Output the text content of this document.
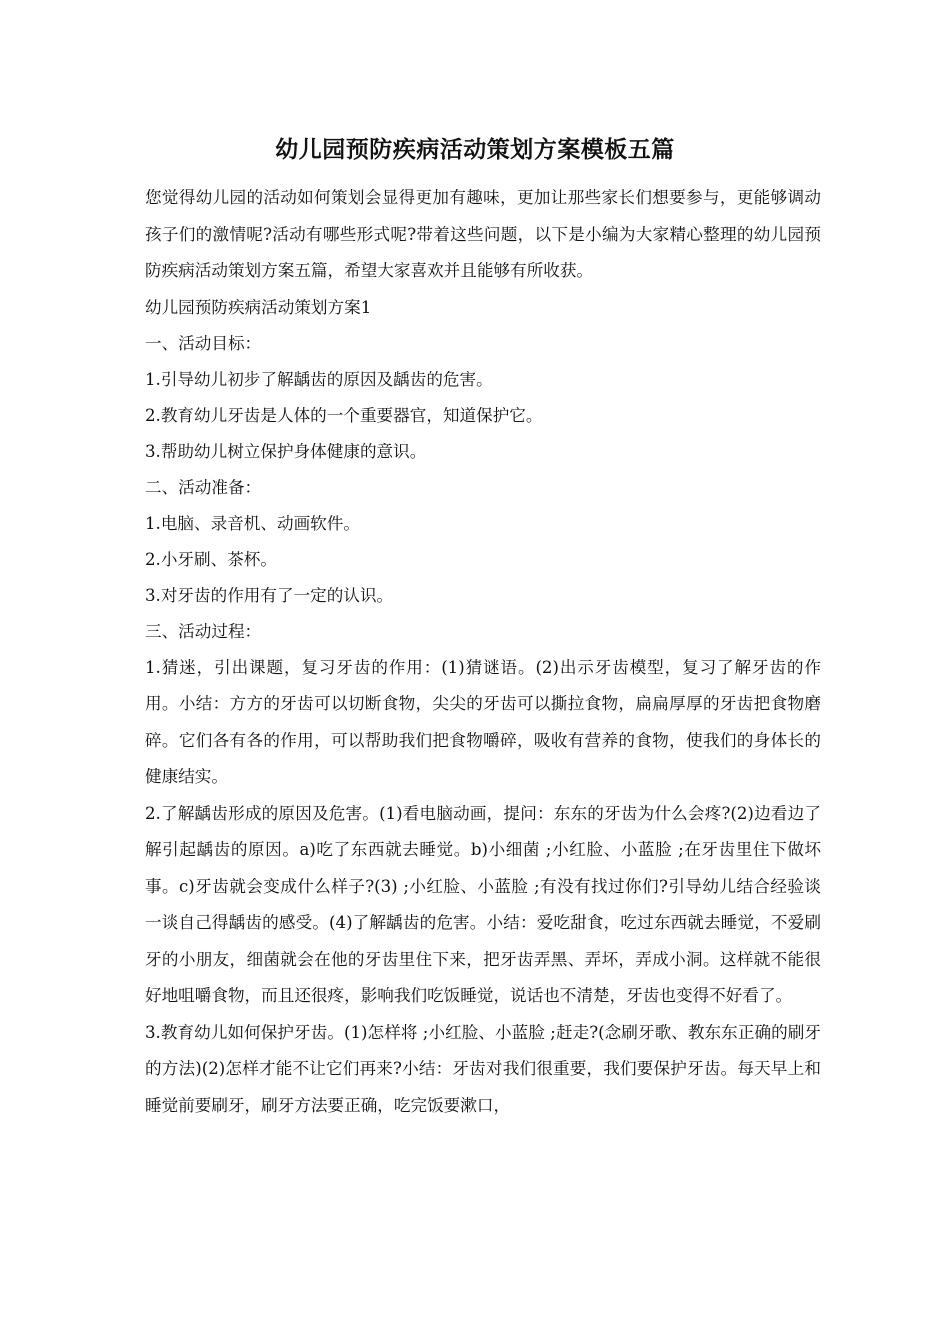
幼儿园预防疾病活动策划方案模板五篇

您觉得幼儿园的活动如何策划会显得更加有趣味，更加让那些家长们想要参与，更能够调动孩子们的激情呢?活动有哪些形式呢?带着这些问题，以下是小编为大家精心整理的幼儿园预防疾病活动策划方案五篇，希望大家喜欢并且能够有所收获。

幼儿园预防疾病活动策划方案1

一、活动目标：

1.引导幼儿初步了解龋齿的原因及龋齿的危害。

2.教育幼儿牙齿是人体的一个重要器官，知道保护它。

3.帮助幼儿树立保护身体健康的意识。

二、活动准备：

1.电脑、录音机、动画软件。

2.小牙刷、茶杯。

3.对牙齿的作用有了一定的认识。

三、活动过程：

1.猜迷，引出课题，复习牙齿的作用：(1)猜谜语。(2)出示牙齿模型，复习了解牙齿的作用。小结：方方的牙齿可以切断食物，尖尖的牙齿可以撕拉食物，扁扁厚厚的牙齿把食物磨碎。它们各有各的作用，可以帮助我们把食物嚼碎，吸收有营养的食物，使我们的身体长的健康结实。

2.了解龋齿形成的原因及危害。(1)看电脑动画，提问：东东的牙齿为什么会疼?(2)边看边了解引起龋齿的原因。a)吃了东西就去睡觉。b)小细菌 ;小红脸、小蓝脸 ;在牙齿里住下做坏事。c)牙齿就会变成什么样子?(3) ;小红脸、小蓝脸 ;有没有找过你们?引导幼儿结合经验谈一谈自己得龋齿的感受。(4)了解龋齿的危害。小结：爱吃甜食，吃过东西就去睡觉，不爱刷牙的小朋友，细菌就会在他的牙齿里住下来，把牙齿弄黑、弄坏，弄成小洞。这样就不能很好地咀嚼食物，而且还很疼，影响我们吃饭睡觉，说话也不清楚，牙齿也变得不好看了。

3.教育幼儿如何保护牙齿。(1)怎样将 ;小红脸、小蓝脸 ;赶走?(念刷牙歌、教东东正确的刷牙的方法)(2)怎样才能不让它们再来?小结：牙齿对我们很重要，我们要保护牙齿。每天早上和睡觉前要刷牙，刷牙方法要正确，吃完饭要漱口，
